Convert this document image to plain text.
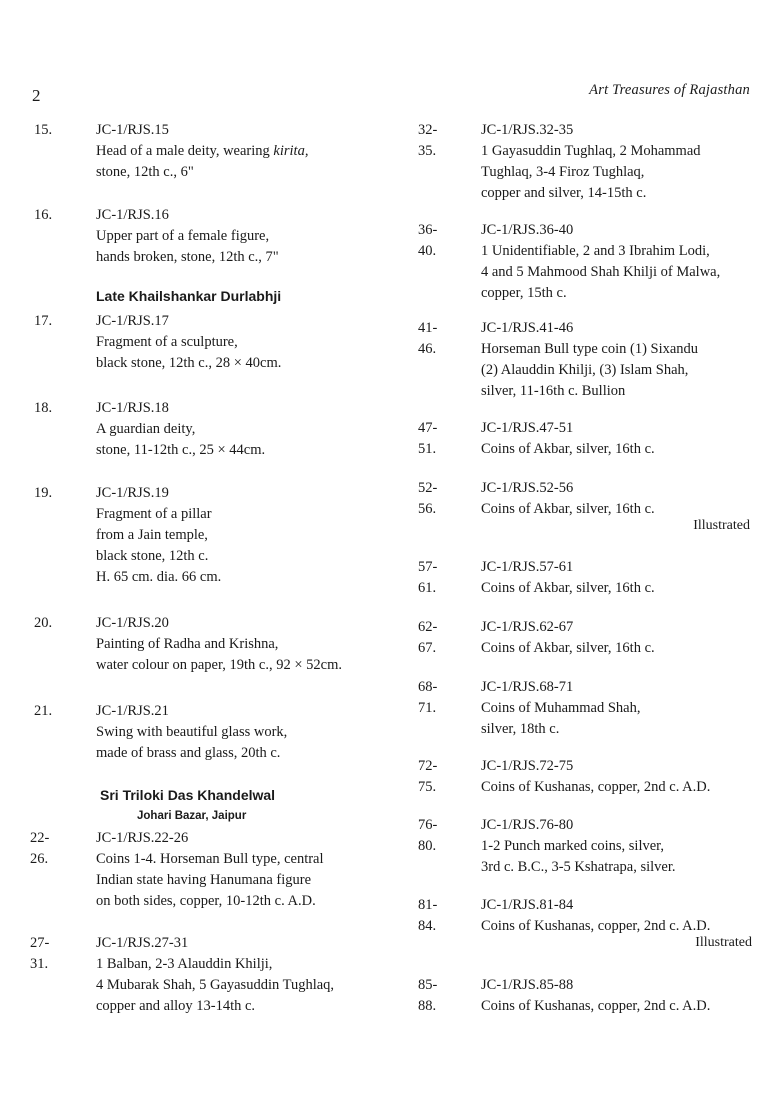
2	Art Treasures of Rajasthan
15.	JC-1/RJS.15
Head of a male deity, wearing kirita,
stone, 12th c., 6"
16.	JC-1/RJS.16
Upper part of a female figure,
hands broken, stone, 12th c., 7"
Late Khailshankar Durlabhji
17.	JC-1/RJS.17
Fragment of a sculpture,
black stone, 12th c., 28 × 40cm.
18.	JC-1/RJS.18
A guardian deity,
stone, 11-12th c., 25 × 44cm.
19.	JC-1/RJS.19
Fragment of a pillar
from a Jain temple,
black stone, 12th c.
H. 65 cm. dia. 66 cm.
20.	JC-1/RJS.20
Painting of Radha and Krishna,
water colour on paper, 19th c., 92 × 52cm.
21.	JC-1/RJS.21
Swing with beautiful glass work,
made of brass and glass, 20th c.
Sri Triloki Das Khandelwal
Johari Bazar, Jaipur
22-26.
JC-1/RJS.22-26
Coins 1-4. Horseman Bull type, central
Indian state having Hanumana figure
on both sides, copper, 10-12th c. A.D.
27-31.
JC-1/RJS.27-31
1 Balban, 2-3 Alauddin Khilji,
4 Mubarak Shah, 5 Gayasuddin Tughlaq,
copper and alloy 13-14th c.
32-35.
JC-1/RJS.32-35
1 Gayasuddin Tughlaq, 2 Mohammad
Tughlaq, 3-4 Firoz Tughlaq,
copper and silver, 14-15th c.
36-40.
JC-1/RJS.36-40
1 Unidentifiable, 2 and 3 Ibrahim Lodi,
4 and 5 Mahmood Shah Khilji of Malwa,
copper, 15th c.
41-46.
JC-1/RJS.41-46
Horseman Bull type coin (1) Sixandu
(2) Alauddin Khilji, (3) Islam Shah,
silver, 11-16th c. Bullion
47-51.
JC-1/RJS.47-51
Coins of Akbar, silver, 16th c.
52-56.
JC-1/RJS.52-56
Coins of Akbar, silver, 16th c.
Illustrated
57-61.
JC-1/RJS.57-61
Coins of Akbar, silver, 16th c.
62-67.
JC-1/RJS.62-67
Coins of Akbar, silver, 16th c.
68-71.
JC-1/RJS.68-71
Coins of Muhammad Shah,
silver, 18th c.
72-75.
JC-1/RJS.72-75
Coins of Kushanas, copper, 2nd c. A.D.
76-80.
JC-1/RJS.76-80
1-2 Punch marked coins, silver,
3rd c. B.C., 3-5 Kshatrapa, silver.
81-84.
JC-1/RJS.81-84
Coins of Kushanas, copper, 2nd c. A.D.
Illustrated
85-88.
JC-1/RJS.85-88
Coins of Kushanas, copper, 2nd c. A.D.
